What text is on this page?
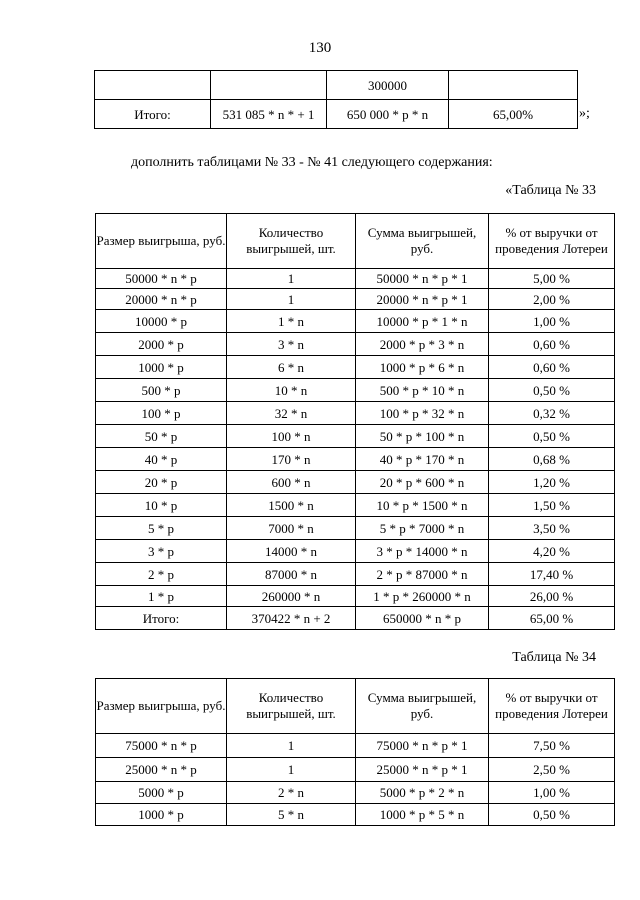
130
		300000	
Итого:	531 085 * n * + 1	650 000 * p * n	65,00%	»;
дополнить таблицами № 33 - № 41 следующего содержания:
«Таблица № 33
Размер выигрыша, руб.	Количество выигрышей, шт.	Сумма выигрышей, руб.	% от выручки от проведения Лотереи
50000 * n * p	1	50000 * n * p * 1	5,00 %
20000 * n * p	1	20000 * n * p * 1	2,00 %
10000 * p	1 * n	10000 * p * 1 * n	1,00 %
2000 * p	3 * n	2000 * p * 3 * n	0,60 %
1000 * p	6 * n	1000 * p * 6 * n	0,60 %
500 * p	10 * n	500 * p * 10 * n	0,50 %
100 * p	32 * n	100 * p * 32 * n	0,32 %
50 * p	100 * n	50 * p * 100 * n	0,50 %
40 * p	170 * n	40 * p * 170 * n	0,68 %
20 * p	600 * n	20 * p * 600 * n	1,20 %
10 * p	1500 * n	10 * p * 1500 * n	1,50 %
5 * p	7000 * n	5 * p * 7000 * n	3,50 %
3 * p	14000 * n	3 * p * 14000 * n	4,20 %
2 * p	87000 * n	2 * p * 87000 * n	17,40 %
1 * p	260000 * n	1 * p * 260000 * n	26,00 %
Итого:	370422 * n + 2	650000 * n * p	65,00 %
Таблица № 34
Размер выигрыша, руб.	Количество выигрышей, шт.	Сумма выигрышей, руб.	% от выручки от проведения Лотереи
75000 * n * p	1	75000 * n * p * 1	7,50 %
25000 * n * p	1	25000 * n * p * 1	2,50 %
5000 * p	2 * n	5000 * p * 2 * n	1,00 %
1000 * p	5 * n	1000 * p * 5 * n	0,50 %
